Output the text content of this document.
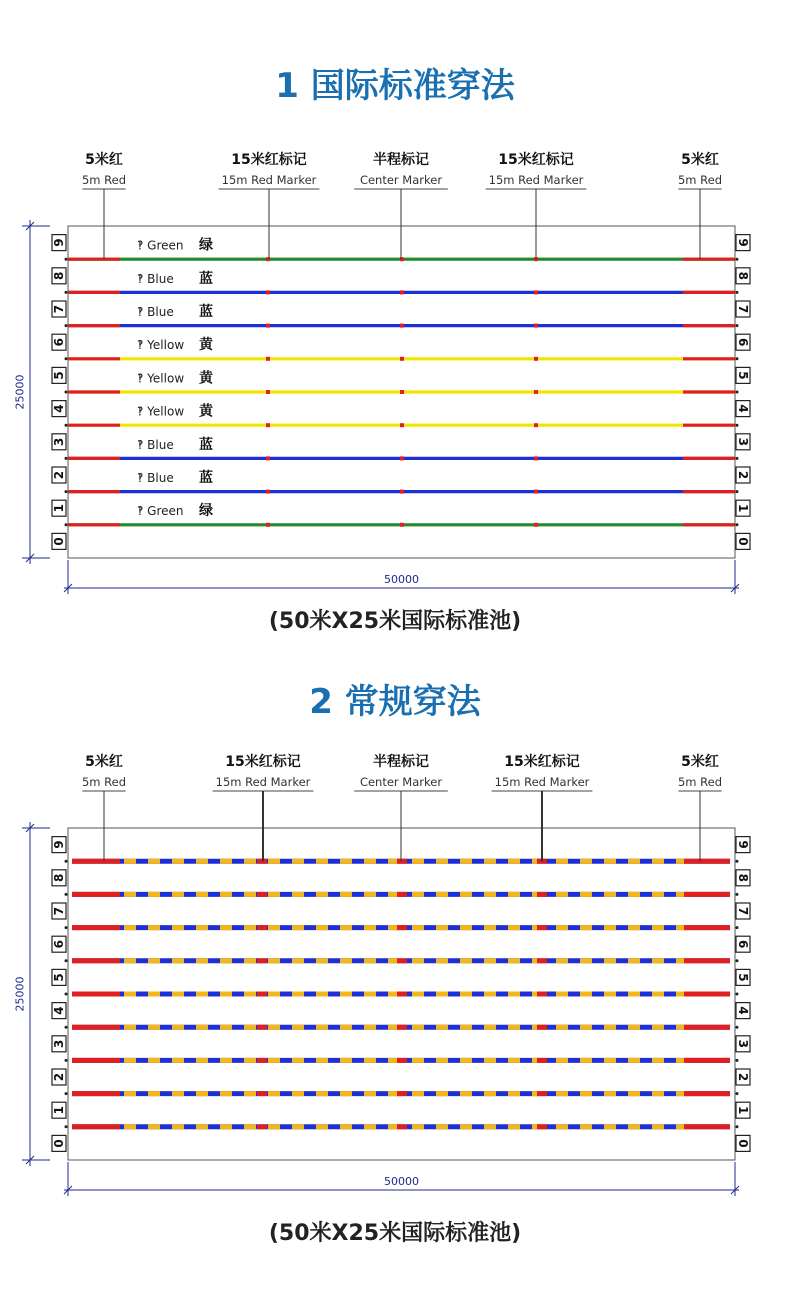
1 国际标准穿法
9	9
8	8
7	7
6	6
5	5
4	4
3	3
2	2
1	1
0	0
‽ Green 绿
‽ Blue 蓝
‽ Blue 蓝
‽ Yellow 黄
‽ Yellow 黄
‽ Yellow 黄
‽ Blue 蓝
‽ Blue 蓝
‽ Green 绿
5米红
5m Red
15米红标记
15m Red Marker
半程标记
Center Marker
15米红标记
15m Red Marker
5米红
5m Red
25000
50000
(50米X25米国际标准池)
2 常规穿法
9	9
8	8
7	7
6	6
5	5
4	4
3	3
2	2
1	1
0	0
5米红
5m Red
15米红标记
15m Red Marker
半程标记
Center Marker
15米红标记
15m Red Marker
5米红
5m Red
25000
50000
(50米X25米国际标准池)
